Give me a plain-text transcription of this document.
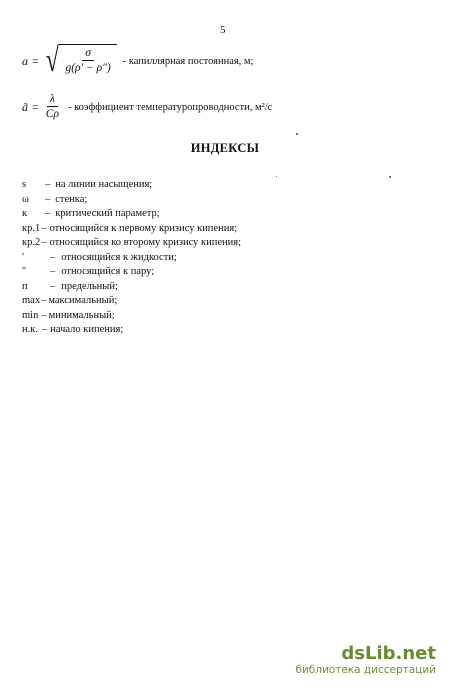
5
a = √ $\frac{\sigma}{g(\rho' - \rho'')}$ - капиллярная постоянная, м;
ã = $\frac{\lambda}{C\rho}$ - коэффициент температуропроводности, м²/с
ИНДЕКСЫ
s	– на линии насыщения;
ω	– стенка;
к	– критический параметр;
кр.1 – относящийся к первому кризису кипения;
кр.2 – относящийся ко второму кризису кипения;
′	– относящийся к жидкости;
″	– относящийся к пару;
п	– предельный;
max – максимальный;
min – минимальный;
н.к. – начало кипения;
dsLib.net
библиотека диссертаций
